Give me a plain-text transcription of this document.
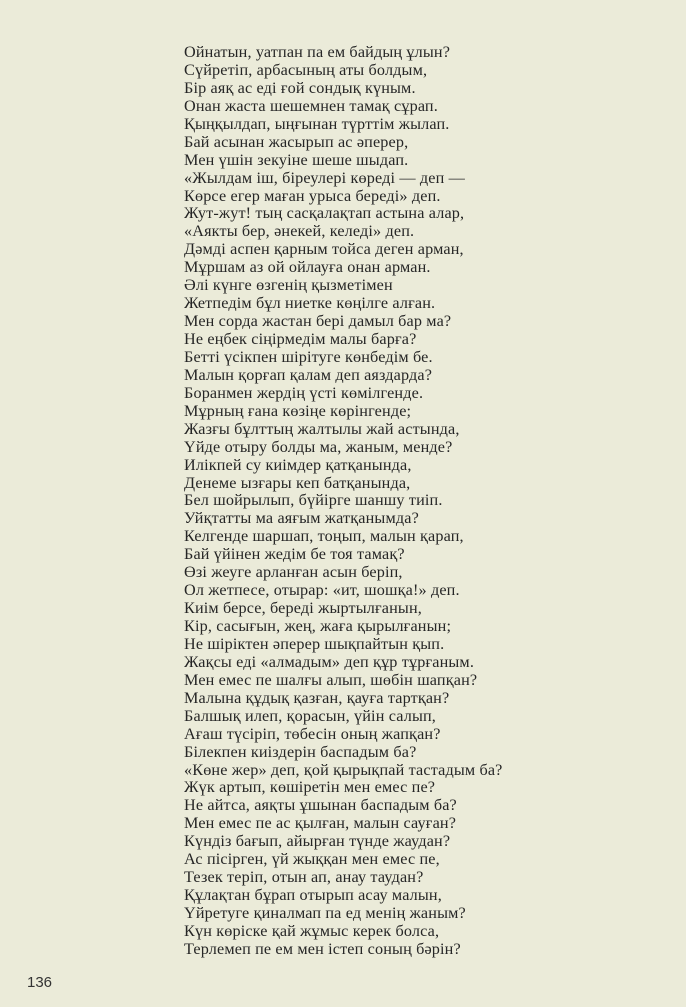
Ойнатын, уатпан па ем байдың ұлын?
Сүйретіп, арбасының аты болдым,
Бір аяқ ас еді ғой сондық күным.
Онан жаста шешемнен тамақ сұрап.
Қыңқылдап, ыңғынан түрттім жылап.
Бай асынан жасырып ас әперер,
Мен үшін зекуіне шеше шыдап.
«Жылдам іш, біреулері көреді — деп —
Көрсе егер маған урыса береді» деп.
Жут-жут! тың сасқалақтап астына алар,
«Аякты бер, әнекей, келеді» деп.
Дәмді аспен қарным тойса деген арман,
Мұршам аз ой ойлауға онан арман.
Әлі күнге өзгенің қызметімен
Жетпедім бұл ниетке көңілге алған.
Мен сорда жастан бері дамыл бар ма?
Не еңбек сіңірмедім малы барға?
Бетті үсікпен шірітуге көнбедім бе.
Малын қорғап қалам деп аяздарда?
Боранмен жердің үсті көмілгенде.
Мұрның ғана көзіңе көрінгенде;
Жазғы бұлттың жалтылы жай астында,
Үйде отыру болды ма, жаным, менде?
Илікпей су киімдер қатқанында,
Денеме ызғары кеп батқанында,
Бел шойрылып, бүйірге шаншу тиіп.
Уйқтатты ма аяғым жатқанымда?
Келгенде шаршап, тоңып, малын қарап,
Бай үйінен жедім бе тоя тамақ?
Өзі жеуге арланған асын беріп,
Ол жетпесе, отырар: «ит, шошқа!» деп.
Киім берсе, береді жыртылғанын,
Кір, сасығын, жең, жаға қырылғанын;
Не шіріктен әперер шықпайтын қып.
Жақсы еді «алмадым» деп құр тұрғаным.
Мен емес пе шалғы алып, шөбін шапқан?
Малына құдық қазған, қауға тартқан?
Балшық илеп, қорасын, үйін салып,
Ағаш түсіріп, төбесін оның жапқан?
Білекпен киіздерін баспадым ба?
«Көне жер» деп, қой қырықпай тастадым ба?
Жүк артып, көшіретін мен емес пе?
Не айтса, аяқты ұшынан баспадым ба?
Мен емес пе ас қылған, малын сауған?
Күндіз бағып, айырған түнде жаудан?
Ас пісірген, үй жыққан мен емес пе,
Тезек теріп, отын ап, анау таудан?
Құлақтан бұрап отырып асау малын,
Үйретуге қиналмап па ед менің жаным?
Күн көріске қай жұмыс керек болса,
Терлемеп пе ем мен істеп соның бәрін?
136
